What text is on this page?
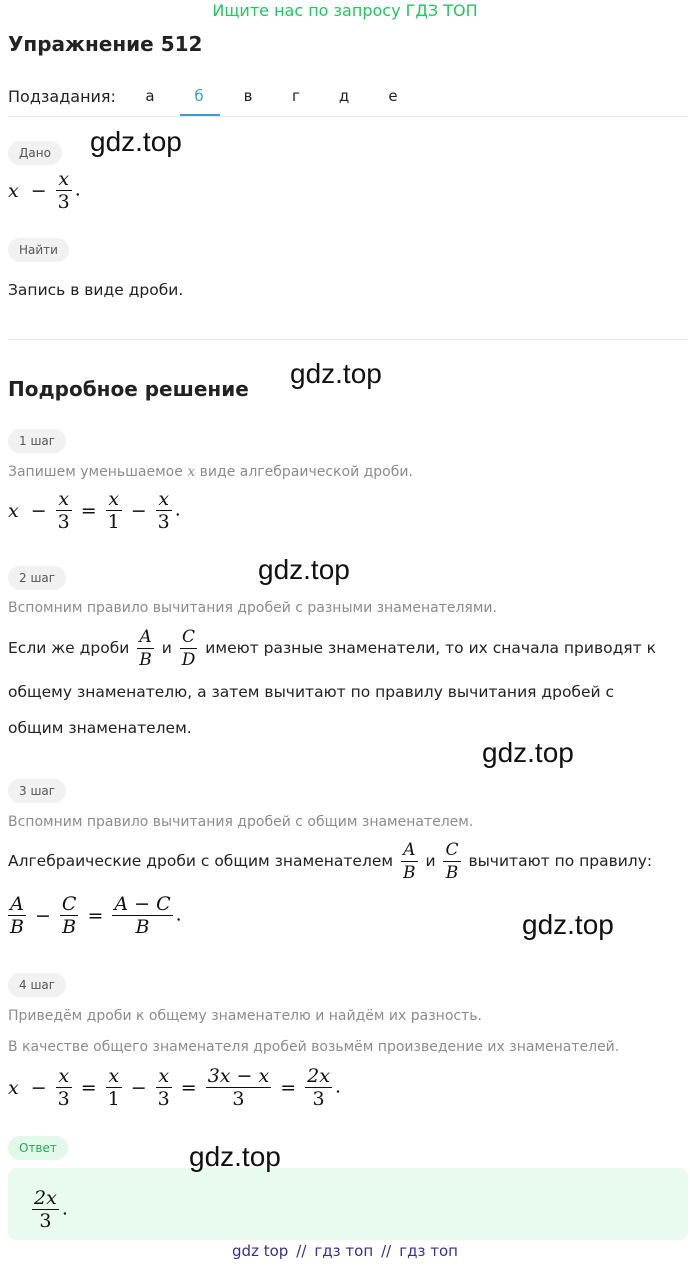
Ищите нас по запросу ГДЗ ТОП
Упражнение 512
Подзадания:	а	б	в	г	д	е
Дано	gdz.top
$x - \frac{x}{3}$ .
Найти
Запись в виде дроби.
Подробное решение gdz.top
1 шаг
Запишем уменьшаемое x виде алгебраической дроби.
$x - \frac{x}{3} = \frac{x}{1} - \frac{x}{3}$ .
2 шаг	gdz.top
Вспомним правило вычитания дробей с разными знаменателями.
Если же дроби $\frac{A}{B}$ и $\frac{C}{D}$ имеют разные знаменатели, то их сначала приводят к
общему знаменателю, а затем вычитают по правилу вычитания дробей с
общим знаменателем.
gdz.top
3 шаг
Вспомним правило вычитания дробей с общим знаменателем.
Алгебраические дроби с общим знаменателем $\frac{A}{B}$ и $\frac{C}{B}$ вычитают по правилу:
$\frac{A}{B} - \frac{C}{B} = \frac{A - C}{B}$ .	gdz.top
4 шаг
Приведём дроби к общему знаменателю и найдём их разность.
В качестве общего знаменателя дробей возьмём произведение их знаменателей.
$x - \frac{x}{3} = \frac{x}{1} - \frac{x}{3} = \frac{3x - x}{3} = \frac{2x}{3}$ .
Ответ	gdz.top
$\frac{2x}{3}$ .
gdz top // гдз топ // гдз топ
